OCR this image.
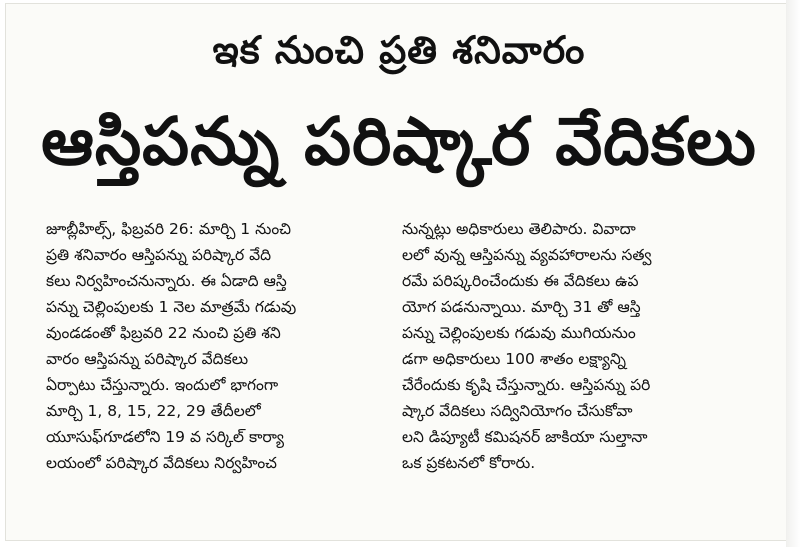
ఇక నుంచి ప్రతి శనివారం
ఆస్తిపన్ను పరిష్కార వేదికలు
జూబ్లీహిల్స్, ఫిబ్రవరి 26: మార్చి 1 నుంచి
ప్రతి శనివారం ఆస్తిపన్ను పరిష్కార వేది
కలు నిర్వహించనున్నారు. ఈ ఏడాది ఆస్తి
పన్ను చెల్లింపులకు 1 నెల మాత్రమే గడువు
వుండడంతో ఫిబ్రవరి 22 నుంచి ప్రతి శని
వారం ఆస్తిపన్ను పరిష్కార వేదికలు
ఏర్పాటు చేస్తున్నారు. ఇందులో భాగంగా
మార్చి 1, 8, 15, 22, 29 తేదీలలో
యూసుఫ్‌గూడలోని 19 వ సర్కిల్ కార్యా
లయంలో పరిష్కార వేదికలు నిర్వహించ
నున్నట్లు అధికారులు తెలిపారు. వివాదా
లలో వున్న ఆస్తిపన్ను వ్యవహారాలను సత్వ
రమే పరిష్కరించేందుకు ఈ వేదికలు ఉప
యోగ పడనున్నాయి. మార్చి 31 తో ఆస్తి
పన్ను చెల్లింపులకు గడువు ముగియనుం
డగా అధికారులు 100 శాతం లక్ష్యాన్ని
చేరేందుకు కృషి చేస్తున్నారు. ఆస్తిపన్ను పరి
ష్కార వేదికలు సద్వినియోగం చేసుకోవా
లని డిప్యూటీ కమిషనర్ జాకియా సుల్తానా
ఒక ప్రకటనలో కోరారు.
